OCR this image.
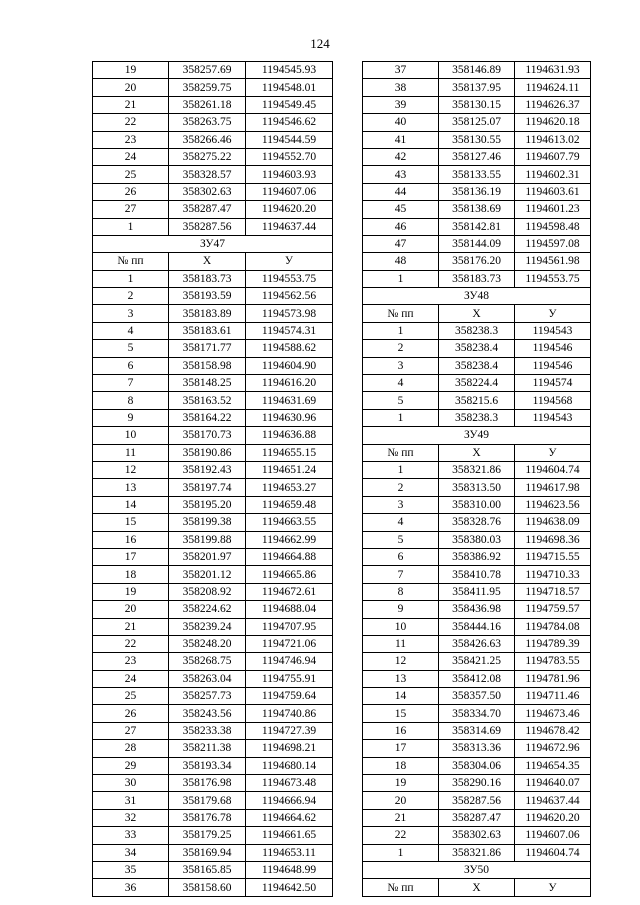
124
19	358257.69	1194545.93
20	358259.75	1194548.01
21	358261.18	1194549.45
22	358263.75	1194546.62
23	358266.46	1194544.59
24	358275.22	1194552.70
25	358328.57	1194603.93
26	358302.63	1194607.06
27	358287.47	1194620.20
1	358287.56	1194637.44
ЗУ47		
№ пп	Х	У
1	358183.73	1194553.75
2	358193.59	1194562.56
3	358183.89	1194573.98
4	358183.61	1194574.31
5	358171.77	1194588.62
6	358158.98	1194604.90
7	358148.25	1194616.20
8	358163.52	1194631.69
9	358164.22	1194630.96
10	358170.73	1194636.88
11	358190.86	1194655.15
12	358192.43	1194651.24
13	358197.74	1194653.27
14	358195.20	1194659.48
15	358199.38	1194663.55
16	358199.88	1194662.99
17	358201.97	1194664.88
18	358201.12	1194665.86
19	358208.92	1194672.61
20	358224.62	1194688.04
21	358239.24	1194707.95
22	358248.20	1194721.06
23	358268.75	1194746.94
24	358263.04	1194755.91
25	358257.73	1194759.64
26	358243.56	1194740.86
27	358233.38	1194727.39
28	358211.38	1194698.21
29	358193.34	1194680.14
30	358176.98	1194673.48
31	358179.68	1194666.94
32	358176.78	1194664.62
33	358179.25	1194661.65
34	358169.94	1194653.11
35	358165.85	1194648.99
36	358158.60	1194642.50
37	358146.89	1194631.93
38	358137.95	1194624.11
39	358130.15	1194626.37
40	358125.07	1194620.18
41	358130.55	1194613.02
42	358127.46	1194607.79
43	358133.55	1194602.31
44	358136.19	1194603.61
45	358138.69	1194601.23
46	358142.81	1194598.48
47	358144.09	1194597.08
48	358176.20	1194561.98
1	358183.73	1194553.75
ЗУ48		
№ пп	Х	У
1	358238.3	1194543
2	358238.4	1194546
3	358238.4	1194546
4	358224.4	1194574
5	358215.6	1194568
1	358238.3	1194543
ЗУ49		
№ пп	Х	У
1	358321.86	1194604.74
2	358313.50	1194617.98
3	358310.00	1194623.56
4	358328.76	1194638.09
5	358380.03	1194698.36
6	358386.92	1194715.55
7	358410.78	1194710.33
8	358411.95	1194718.57
9	358436.98	1194759.57
10	358444.16	1194784.08
11	358426.63	1194789.39
12	358421.25	1194783.55
13	358412.08	1194781.96
14	358357.50	1194711.46
15	358334.70	1194673.46
16	358314.69	1194678.42
17	358313.36	1194672.96
18	358304.06	1194654.35
19	358290.16	1194640.07
20	358287.56	1194637.44
21	358287.47	1194620.20
22	358302.63	1194607.06
1	358321.86	1194604.74
ЗУ50		
№ пп	Х	У
